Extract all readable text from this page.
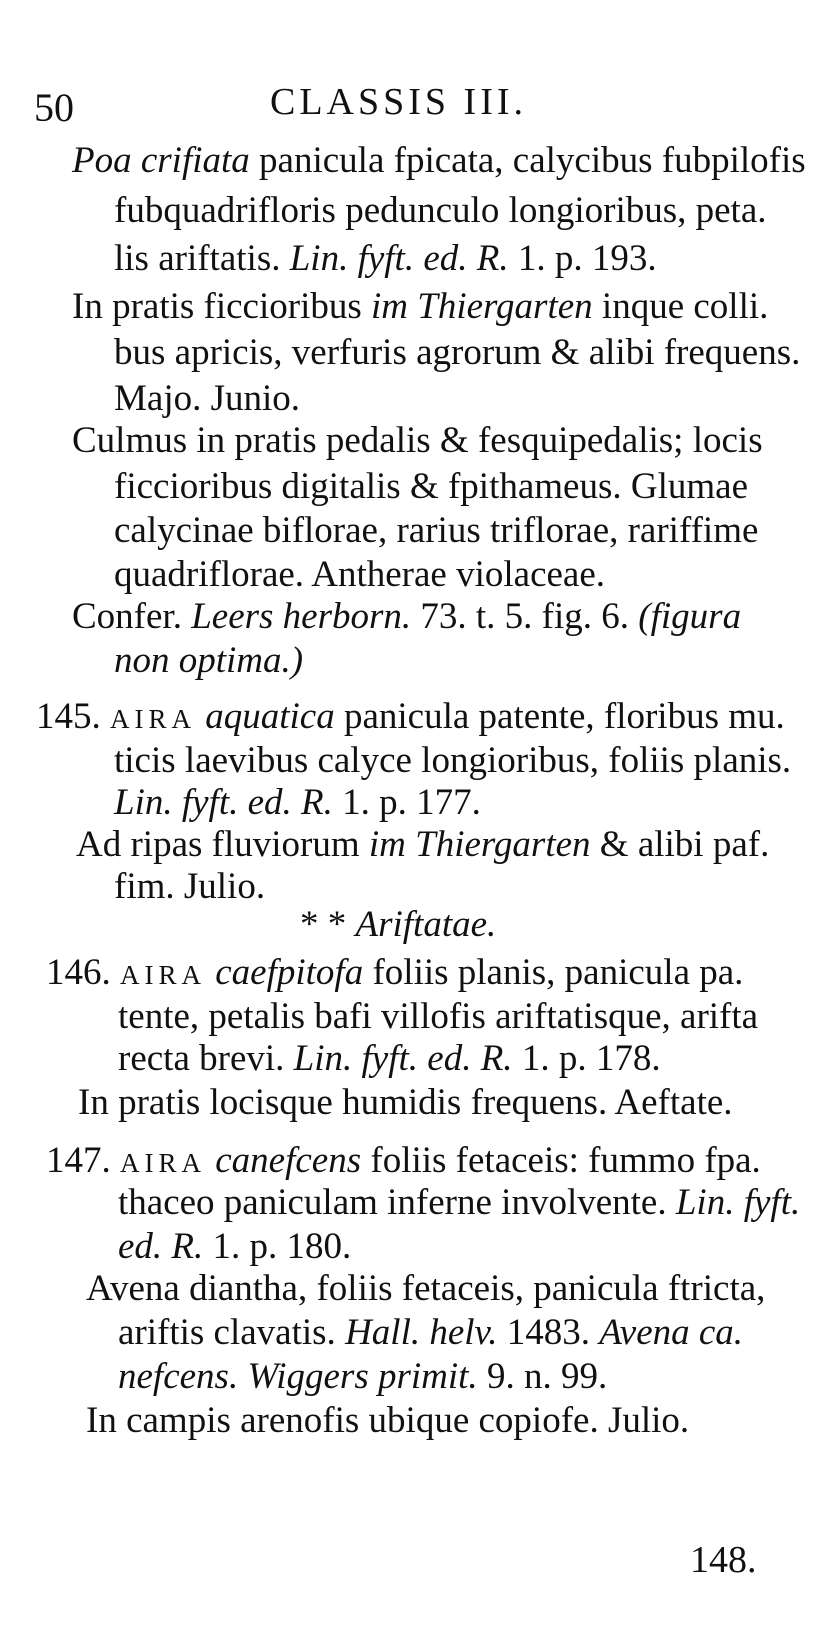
50	CLASSIS III.
Poa crifiata panicula fpicata, calycibus fubpilofis
fubquadrifloris pedunculo longioribus, peta.
lis ariftatis. Lin. fyft. ed. R. 1. p. 193.
In pratis ficcioribus im Thiergarten inque colli.
bus apricis, verfuris agrorum & alibi frequens.
Majo. Junio.
Culmus in pratis pedalis & fesquipedalis; locis
ficcioribus digitalis & fpithameus. Glumae
calycinae biflorae, rarius triflorae, rariffime
quadriflorae. Antherae violaceae.
Confer. Leers herborn. 73. t. 5. fig. 6. (figura
non optima.)
145. AIRA aquatica panicula patente, floribus mu.
ticis laevibus calyce longioribus, foliis planis.
Lin. fyft. ed. R. 1. p. 177.
Ad ripas fluviorum im Thiergarten & alibi paf.
fim. Julio.
* * Ariftatae.
146. AIRA caefpitofa foliis planis, panicula pa.
tente, petalis bafi villofis ariftatisque, arifta
recta brevi. Lin. fyft. ed. R. 1. p. 178.
In pratis locisque humidis frequens. Aeftate.
147. AIRA canefcens foliis fetaceis: fummo fpa.
thaceo paniculam inferne involvente. Lin. fyft.
ed. R. 1. p. 180.
Avena diantha, foliis fetaceis, panicula ftricta,
ariftis clavatis. Hall. helv. 1483. Avena ca.
nefcens. Wiggers primit. 9. n. 99.
In campis arenofis ubique copiofe. Julio.
148.
